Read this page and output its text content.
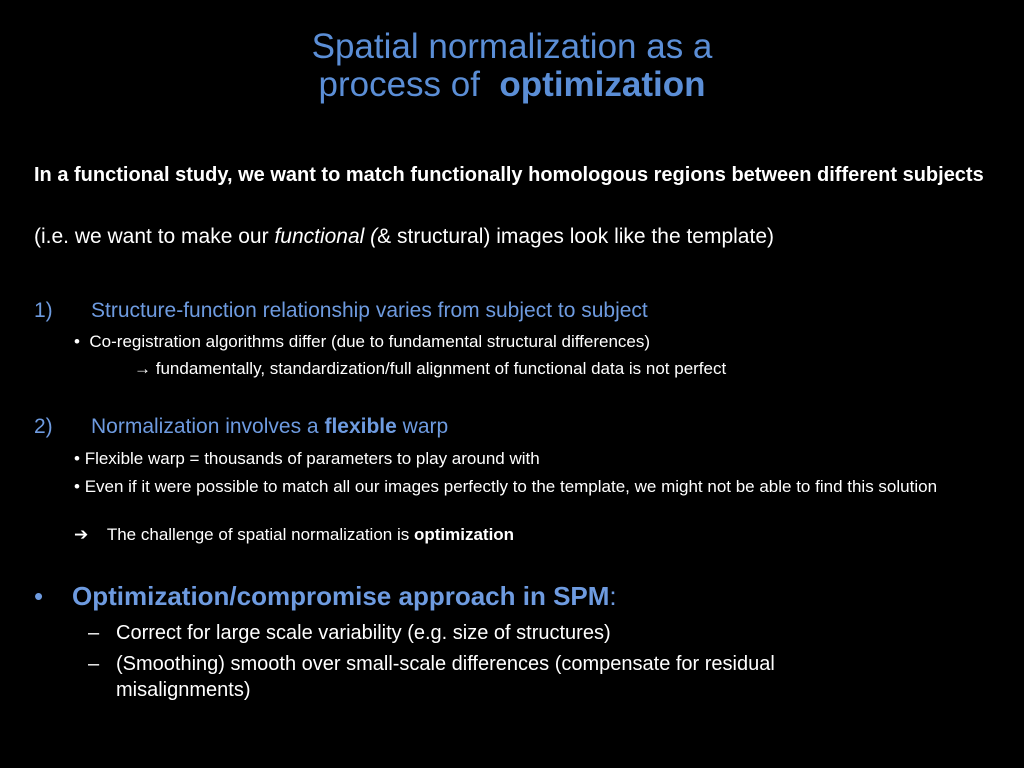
Spatial normalization as a
process of optimization
In a functional study, we want to match functionally homologous regions between different subjects
(i.e. we want to make our functional (& structural) images look like the template)
1) Structure-function relationship varies from subject to subject
• Co-registration algorithms differ (due to fundamental structural differences)
→ fundamentally, standardization/full alignment of functional data is not perfect
2) Normalization involves a flexible warp
• Flexible warp = thousands of parameters to play around with
• Even if it were possible to match all our images perfectly to the template, we might not be able to find this solution
➔ The challenge of spatial normalization is optimization
• Optimization/compromise approach in SPM:
– Correct for large scale variability (e.g. size of structures)
– (Smoothing) smooth over small-scale differences (compensate for residual misalignments)
